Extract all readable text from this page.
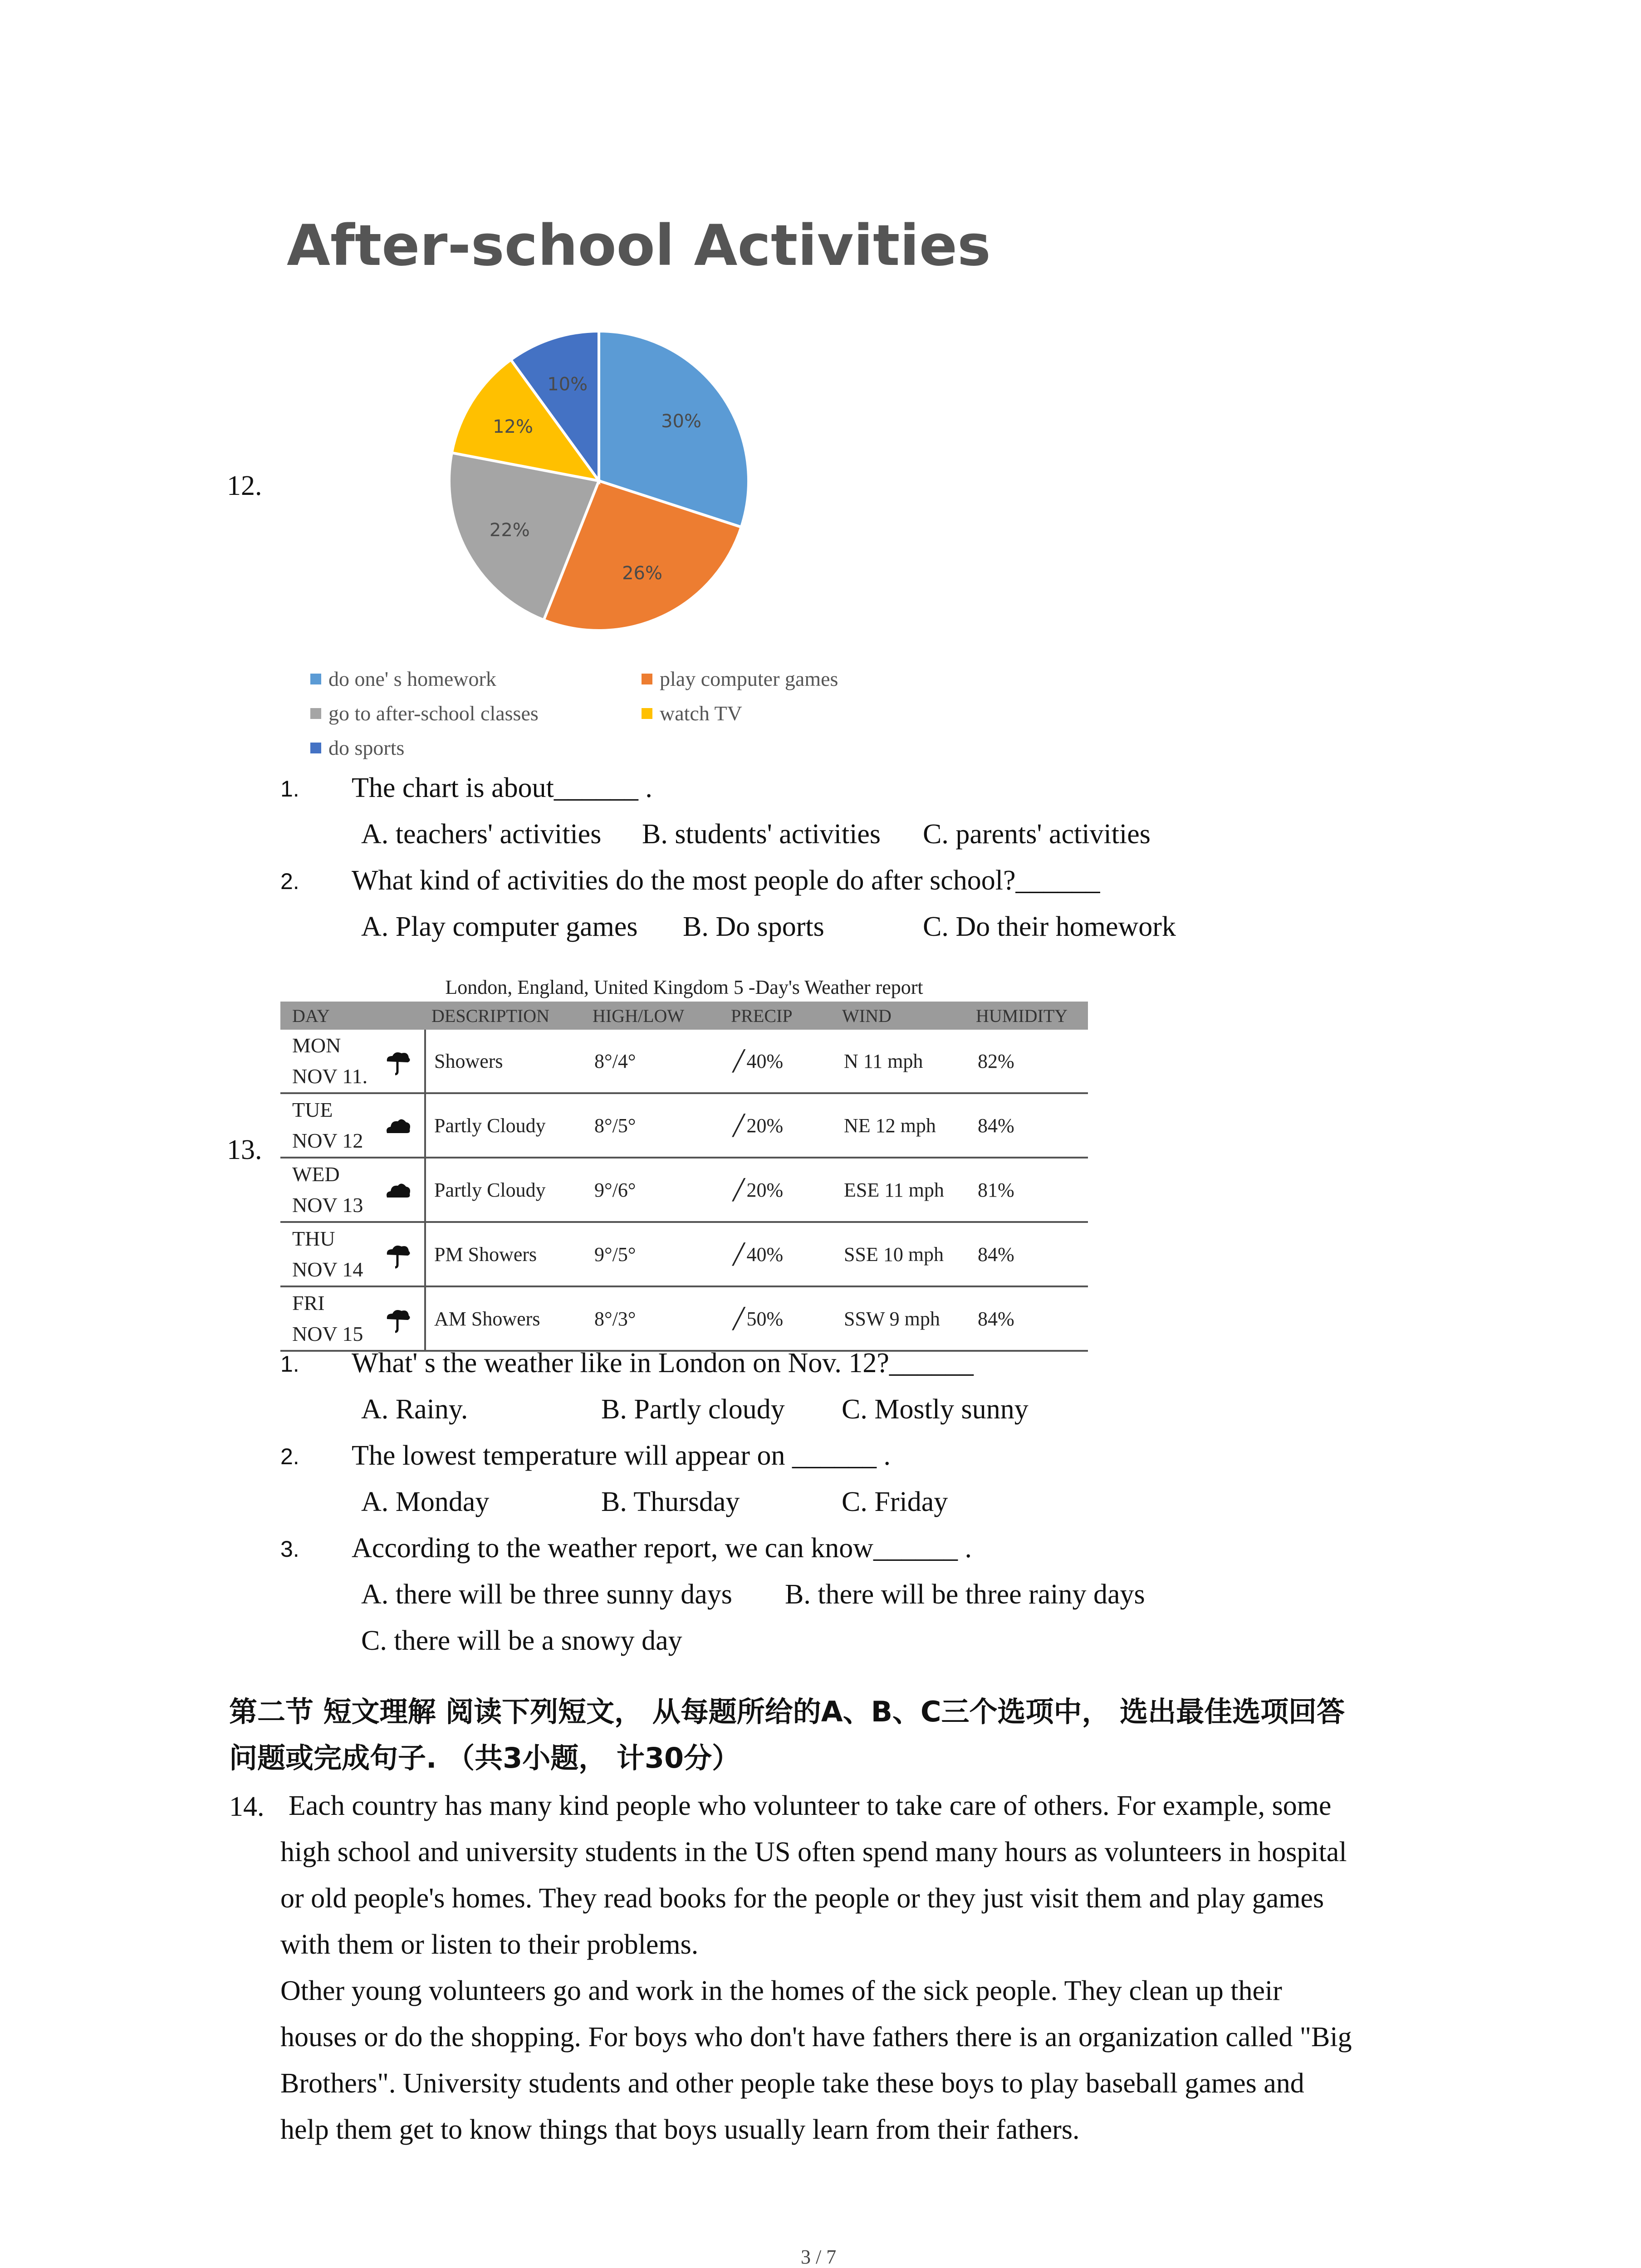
After-school Activities
12.
30%
26%
22%
12%
10%
do one' s homework	play computer games
go to after-school classes	watch TV
do sports
1. The chart is about______ .
A. teachers' activities B. students' activities C. parents' activities
2. What kind of activities do the most people do after school?______
A. Play computer games B. Do sports	C. Do their homework
13.
London, England, United Kingdom 5 -Day's Weather report
DAY	DESCRIPTION	HIGH/LOW	PRECIP	WIND	HUMIDITY

MON
NOV 11.	Showers	8°/4°	╱40%	N 11 mph	82%

TUE
NOV 12	Partly Cloudy	8°/5°	╱20%	NE 12 mph	84%

WED
NOV 13	Partly Cloudy	9°/6°	╱20%	ESE 11 mph	81%

THU
NOV 14	PM Showers	9°/5°	╱40%	SSE 10 mph	84%

FRI
NOV 15	AM Showers	8°/3°	╱50%	SSW 9 mph	84%
1. What' s the weather like in London on Nov. 12?______
A. Rainy.	B. Partly cloudy C. Mostly sunny
2. The lowest temperature will appear on ______ .
A. Monday	B. Thursday	C. Friday
3. According to the weather report, we can know______ .
A. there will be three sunny days B. there will be three rainy days
C. there will be a snowy day
第二节 短文理解 阅读下列短文， 从每题所给的A、B、C三个选项中， 选出最佳选项回答
问题或完成句子. （共3小题， 计30分）
14. Each country has many kind people who volunteer to take care of others. For example, some
high school and university students in the US often spend many hours as volunteers in hospital
or old people's homes. They read books for the people or they just visit them and play games
with them or listen to their problems.
Other young volunteers go and work in the homes of the sick people. They clean up their
houses or do the shopping. For boys who don't have fathers there is an organization called "Big
Brothers". University students and other people take these boys to play baseball games and
help them get to know things that boys usually learn from their fathers.
3 / 7
